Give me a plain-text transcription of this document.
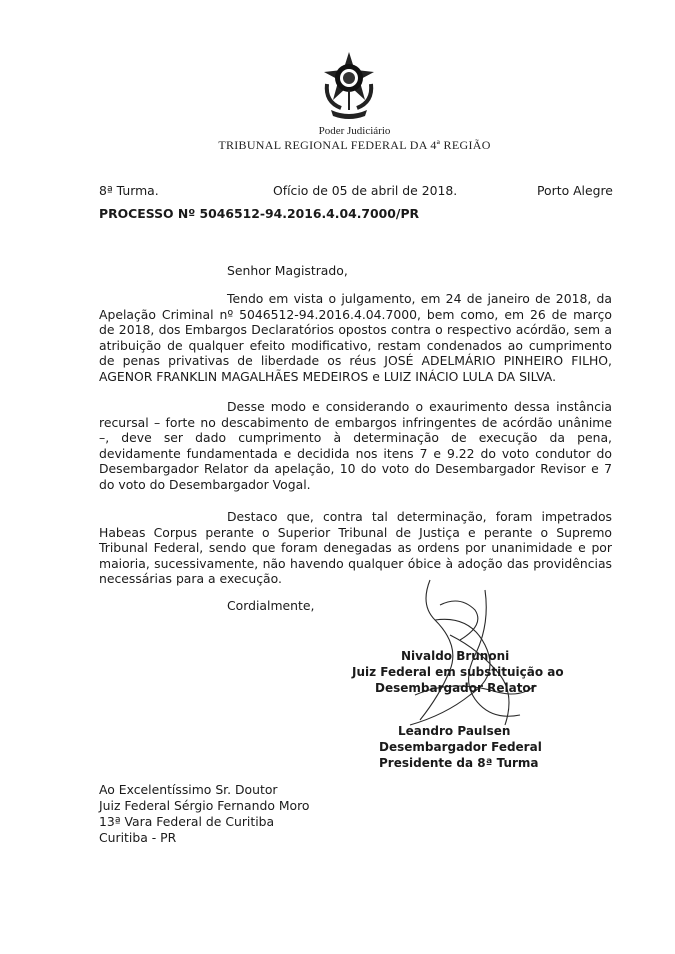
Poder Judiciário
TRIBUNAL REGIONAL FEDERAL DA 4ª REGIÃO
8ª Turma.	Ofício de 05 de abril de 2018.	Porto Alegre
PROCESSO Nº 5046512-94.2016.4.04.7000/PR
Senhor Magistrado,
Tendo em vista o julgamento, em 24 de janeiro de 2018, da Apelação Criminal nº 5046512-94.2016.4.04.7000, bem como, em 26 de março de 2018, dos Embargos Declaratórios opostos contra o respectivo acórdão, sem a atribuição de qualquer efeito modificativo, restam condenados ao cumprimento de penas privativas de liberdade os réus JOSÉ ADELMÁRIO PINHEIRO FILHO, AGENOR FRANKLIN MAGALHÃES MEDEIROS e LUIZ INÁCIO LULA DA SILVA.
Desse modo e considerando o exaurimento dessa instância recursal – forte no descabimento de embargos infringentes de acórdão unânime –, deve ser dado cumprimento à determinação de execução da pena, devidamente fundamentada e decidida nos itens 7 e 9.22 do voto condutor do Desembargador Relator da apelação, 10 do voto do Desembargador Revisor e 7 do voto do Desembargador Vogal.
Destaco que, contra tal determinação, foram impetrados Habeas Corpus perante o Superior Tribunal de Justiça e perante o Supremo Tribunal Federal, sendo que foram denegadas as ordens por unanimidade e por maioria, sucessivamente, não havendo qualquer óbice à adoção das providências necessárias para a execução.
Cordialmente,
Nivaldo Brunoni
Juiz Federal em substituição ao
Desembargador Relator
Leandro Paulsen
Desembargador Federal
Presidente da 8ª Turma
Ao Excelentíssimo Sr. Doutor
Juiz Federal Sérgio Fernando Moro
13ª Vara Federal de Curitiba
Curitiba - PR
